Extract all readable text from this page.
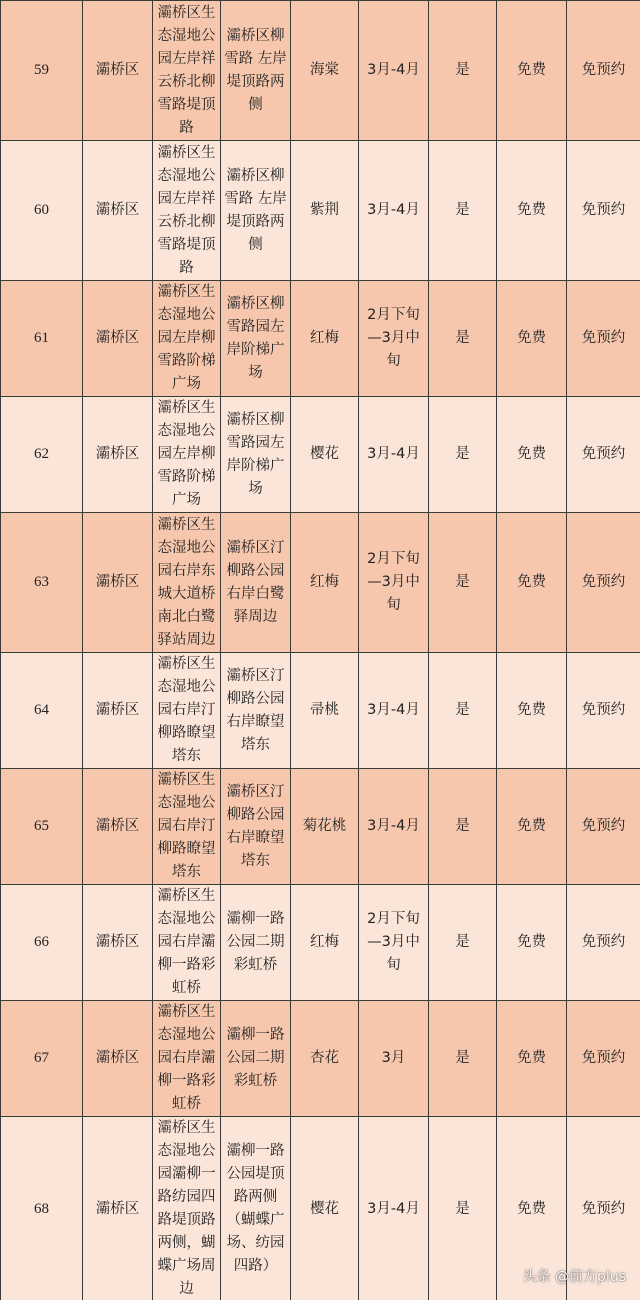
59	灞桥区	灞桥区生态湿地公园左岸祥云桥北柳雪路堤顶路	灞桥区柳雪路 左岸堤顶路两侧	海棠	3月-4月	是	免费	免预约
60	灞桥区	灞桥区生态湿地公园左岸祥云桥北柳雪路堤顶路	灞桥区柳雪路 左岸堤顶路两侧	紫荆	3月-4月	是	免费	免预约
61	灞桥区	灞桥区生态湿地公园左岸柳雪路阶梯广场	灞桥区柳雪路园左岸阶梯广场	红梅	2月下旬—3月中旬	是	免费	免预约
62	灞桥区	灞桥区生态湿地公园左岸柳雪路阶梯广场	灞桥区柳雪路园左岸阶梯广场	樱花	3月-4月	是	免费	免预约
63	灞桥区	灞桥区生态湿地公园右岸东城大道桥南北白鹭驿站周边	灞桥区汀柳路公园右岸白鹭驿周边	红梅	2月下旬—3月中旬	是	免费	免预约
64	灞桥区	灞桥区生态湿地公园右岸汀柳路瞭望塔东	灞桥区汀柳路公园右岸瞭望塔东	帚桃	3月-4月	是	免费	免预约
65	灞桥区	灞桥区生态湿地公园右岸汀柳路瞭望塔东	灞桥区汀柳路公园右岸瞭望塔东	菊花桃	3月-4月	是	免费	免预约
66	灞桥区	灞桥区生态湿地公园右岸灞柳一路彩虹桥	灞柳一路公园二期彩虹桥	红梅	2月下旬—3月中旬	是	免费	免预约
67	灞桥区	灞桥区生态湿地公园右岸灞柳一路彩虹桥	灞柳一路公园二期彩虹桥	杏花	3月	是	免费	免预约
68	灞桥区	灞桥区生态湿地公园灞柳一路纺园四路堤顶路两侧，蝴蝶广场周边	灞柳一路公园堤顶路两侧（蝴蝶广场、纺园四路）	樱花	3月-4月	是	免费	免预约
头条 @前方plus
